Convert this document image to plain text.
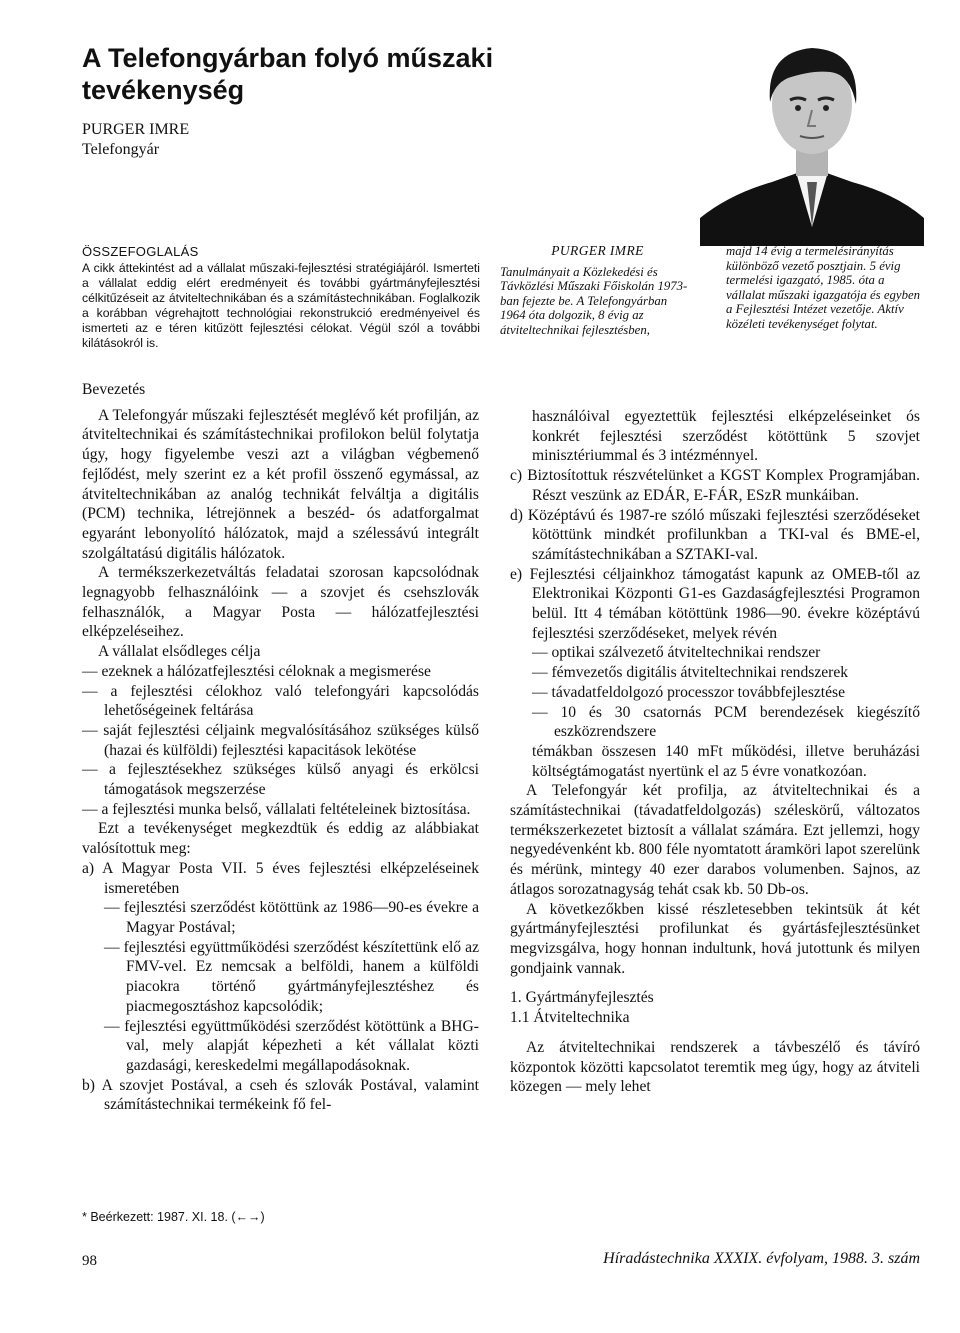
A Telefongyárban folyó műszaki tevékenység
PURGER IMRE
Telefongyár
ÖSSZEFOGLALÁS
A cikk áttekintést ad a vállalat műszaki-fejlesztési stratégiájáról. Ismerteti a vállalat eddig elért eredményeit és további gyártmányfejlesztési célkitűzéseit az átviteltechnikában és a számítástechnikában. Foglalkozik a korábban végrehajtott technológiai rekonstrukció eredményeivel és ismerteti az e téren kitűzött fejlesztési célokat. Végül szól a további kilátásokról is.
PURGER IMRE
Tanulmányait a Közlekedési és Távközlési Műszaki Főiskolán 1973-ban fejezte be. A Telefongyárban 1964 óta dolgozik, 8 évig az átviteltechnikai fejlesztésben,
majd 14 évig a termelésirányítás különböző vezető posztjain. 5 évig termelési igazgató, 1985. óta a vállalat műszaki igazgatója és egyben a Fejlesztési Intézet vezetője. Aktív közéleti tevékenységet folytat.

Bevezetés

A Telefongyár műszaki fejlesztését meglévő két profilján, az átviteltechnikai és számítástechnikai profilokon belül folytatja úgy, hogy figyelembe veszi azt a világban végbemenő fejlődést, mely szerint ez a két profil összenő egymással, az átviteltechnikában az analóg technikát felváltja a digitális (PCM) technika, létrejönnek a beszéd- ós adatforgalmat egyaránt lebonyolító hálózatok, majd a szélessávú integrált szolgáltatású digitális hálózatok.

A termékszerkezetváltás feladatai szorosan kapcsolódnak legnagyobb felhasználóink — a szovjet és csehszlovák felhasználók, a Magyar Posta — hálózatfejlesztési elképzeléseihez.

A vállalat elsődleges célja

— ezeknek a hálózatfejlesztési céloknak a megismerése

— a fejlesztési célokhoz való telefongyári kapcsolódás lehetőségeinek feltárása

— saját fejlesztési céljaink megvalósításához szükséges külső (hazai és külföldi) fejlesztési kapacitások lekötése

— a fejlesztésekhez szükséges külső anyagi és erkölcsi támogatások megszerzése

— a fejlesztési munka belső, vállalati feltételeinek biztosítása.

Ezt a tevékenységet megkezdtük és eddig az alábbiakat valósítottuk meg:

a) A Magyar Posta VII. 5 éves fejlesztési elképzeléseinek ismeretében

— fejlesztési szerződést kötöttünk az 1986—90-es évekre a Magyar Postával;

— fejlesztési együttműködési szerződést készítettünk elő az FMV-vel. Ez nemcsak a belföldi, hanem a külföldi piacokra történő gyártmányfejlesztéshez és piacmegosztáshoz kapcsolódik;

— fejlesztési együttműködési szerződést kötöttünk a BHG-val, mely alapját képezheti a két vállalat közti gazdasági, kereskedelmi megállapodásoknak.

b) A szovjet Postával, a cseh és szlovák Postával, valamint számítástechnikai termékeink fő fel-

használóival egyeztettük fejlesztési elképzeléseinket ós konkrét fejlesztési szerződést kötöttünk 5 szovjet minisztériummal és 3 intézménnyel.

c) Biztosítottuk részvételünket a KGST Komplex Programjában. Részt veszünk az EDÁR, E-FÁR, ESzR munkáiban.

d) Középtávú és 1987-re szóló műszaki fejlesztési szerződéseket kötöttünk mindkét profilunkban a TKI-val és BME-el, számítástechnikában a SZTAKI-val.

e) Fejlesztési céljainkhoz támogatást kapunk az OMEB-től az Elektronikai Központi G1-es Gazdaságfejlesztési Programon belül. Itt 4 témában kötöttünk 1986—90. évekre középtávú fejlesztési szerződéseket, melyek révén

— optikai szálvezető átviteltechnikai rendszer

— fémvezetős digitális átviteltechnikai rendszerek

— távadatfeldolgozó processzor továbbfejlesztése

— 10 és 30 csatornás PCM berendezések kiegészítő eszközrendszere

témákban összesen 140 mFt működési, illetve beruházási költségtámogatást nyertünk el az 5 évre vonatkozóan.

A Telefongyár két profilja, az átviteltechnikai és a számítástechnikai (távadatfeldolgozás) széleskörű, változatos termékszerkezetet biztosít a vállalat számára. Ezt jellemzi, hogy negyedévenként kb. 800 féle nyomtatott áramköri lapot szerelünk és mérünk, mintegy 40 ezer darabos volumenben. Sajnos, az átlagos sorozatnagyság tehát csak kb. 50 Db-os.

A következőkben kissé részletesebben tekintsük át két gyártmányfejlesztési profilunkat és gyártásfejlesztésünket megvizsgálva, hogy honnan indultunk, hová jutottunk és milyen gondjaink vannak.

1. Gyártmányfejlesztés

1.1 Átviteltechnika

Az átviteltechnikai rendszerek a távbeszélő és távíró központok közötti kapcsolatot teremtik meg úgy, hogy az átviteli közegen — mely lehet

* Beérkezett: 1987. XI. 18. (←→)
98	Híradástechnika XXXIX. évfolyam, 1988. 3. szám
